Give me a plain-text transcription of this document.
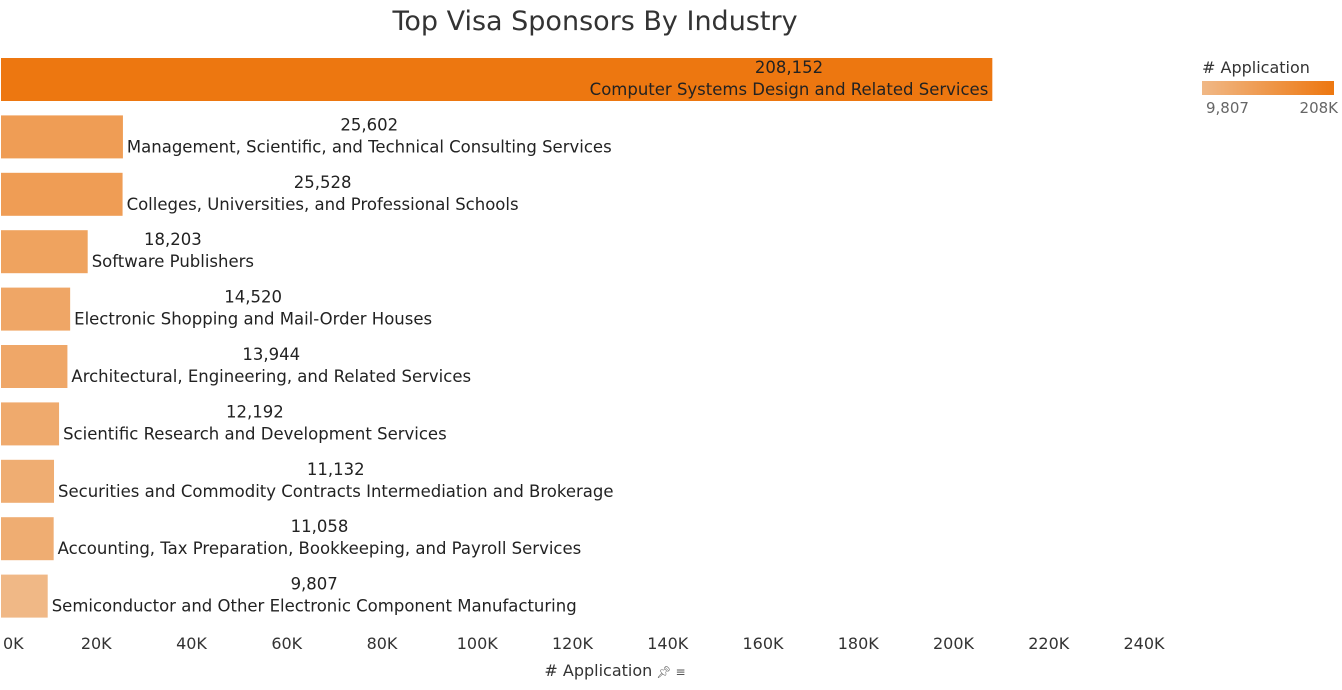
Top Visa Sponsors By Industry
Computer Systems Design and Related Services
208,152
Management, Scientific, and Technical Consulting Services
25,602
Colleges, Universities, and Professional Schools
25,528
Software Publishers
18,203
Electronic Shopping and Mail-Order Houses
14,520
Architectural, Engineering, and Related Services
13,944
Scientific Research and Development Services
12,192
Securities and Commodity Contracts Intermediation and Brokerage
11,132
Accounting, Tax Preparation, Bookkeeping, and Payroll Services
11,058
Semiconductor and Other Electronic Component Manufacturing
9,807
0K	20K	40K	60K	80K	100K	120K	140K	160K	180K	200K	220K	240K
# Application
9,807	208K
# Application 📌︎ ≡
